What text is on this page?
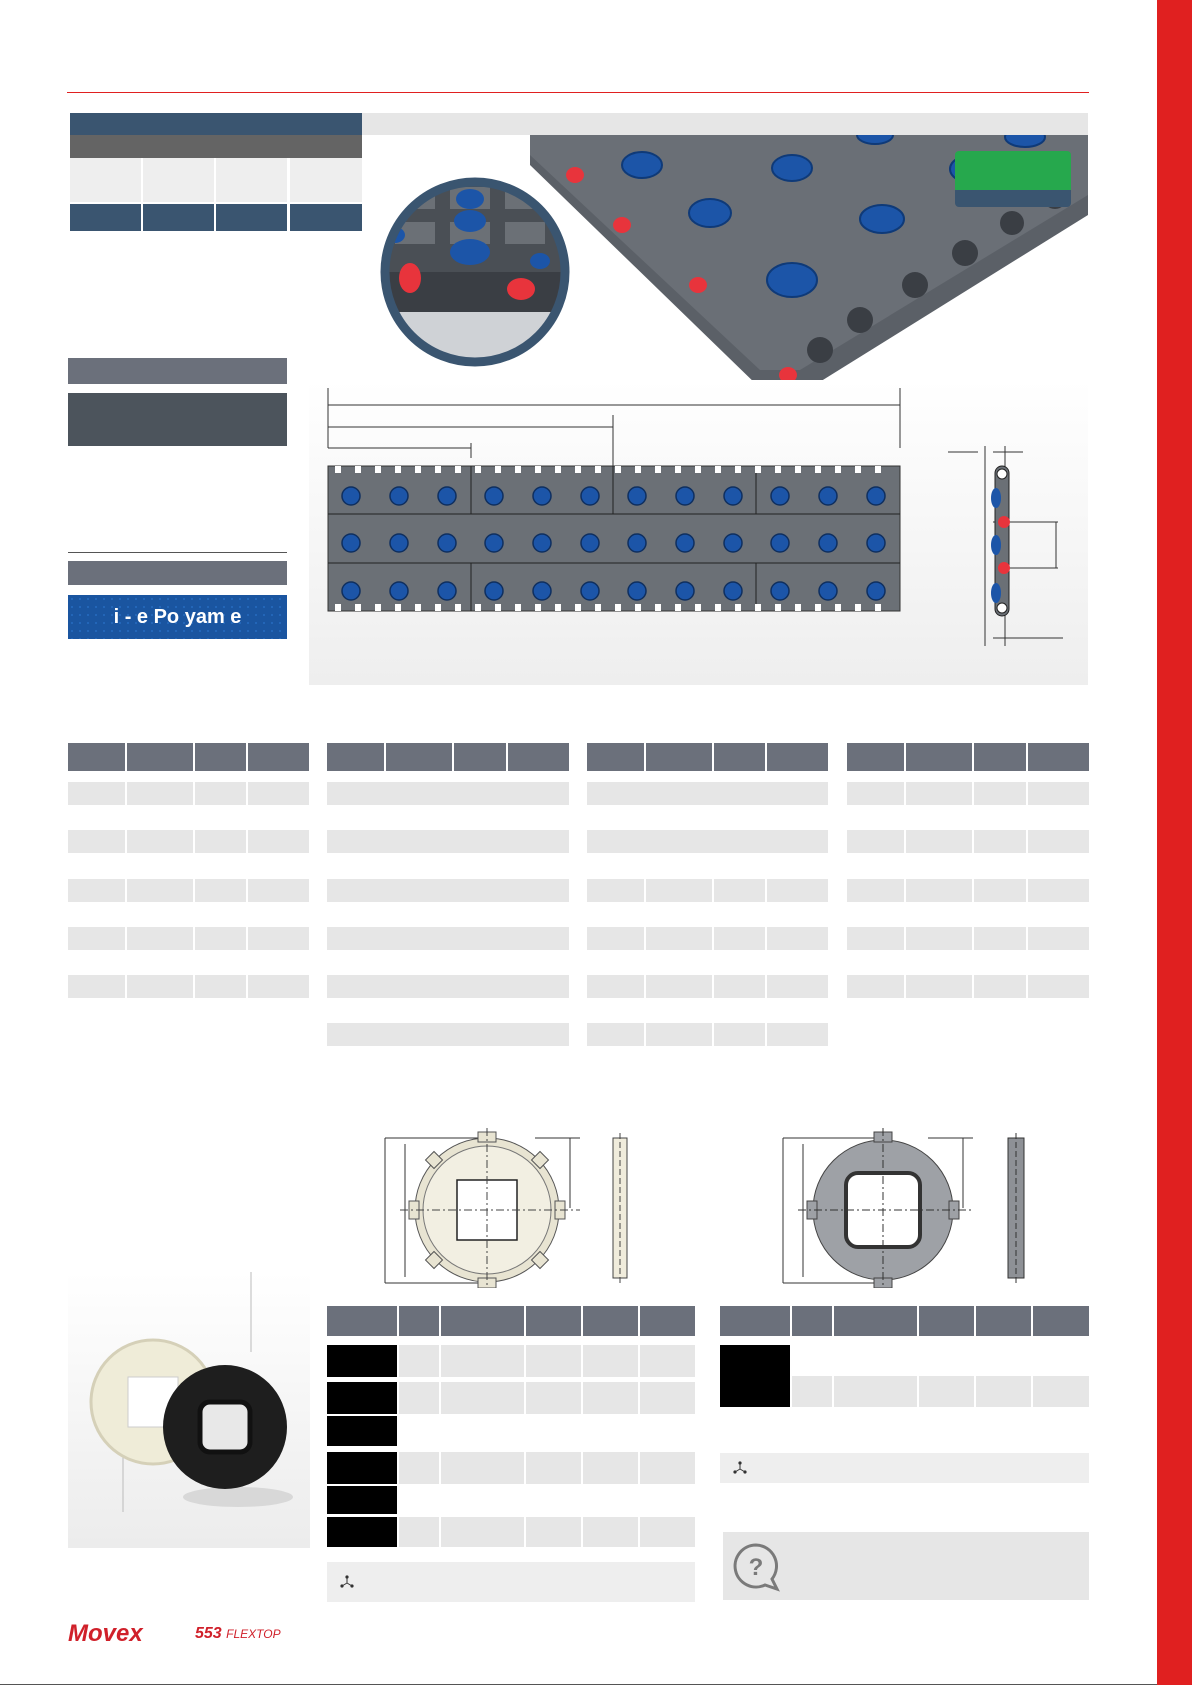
i - e Po yam e
?
Movex	553 FLEXTOP
